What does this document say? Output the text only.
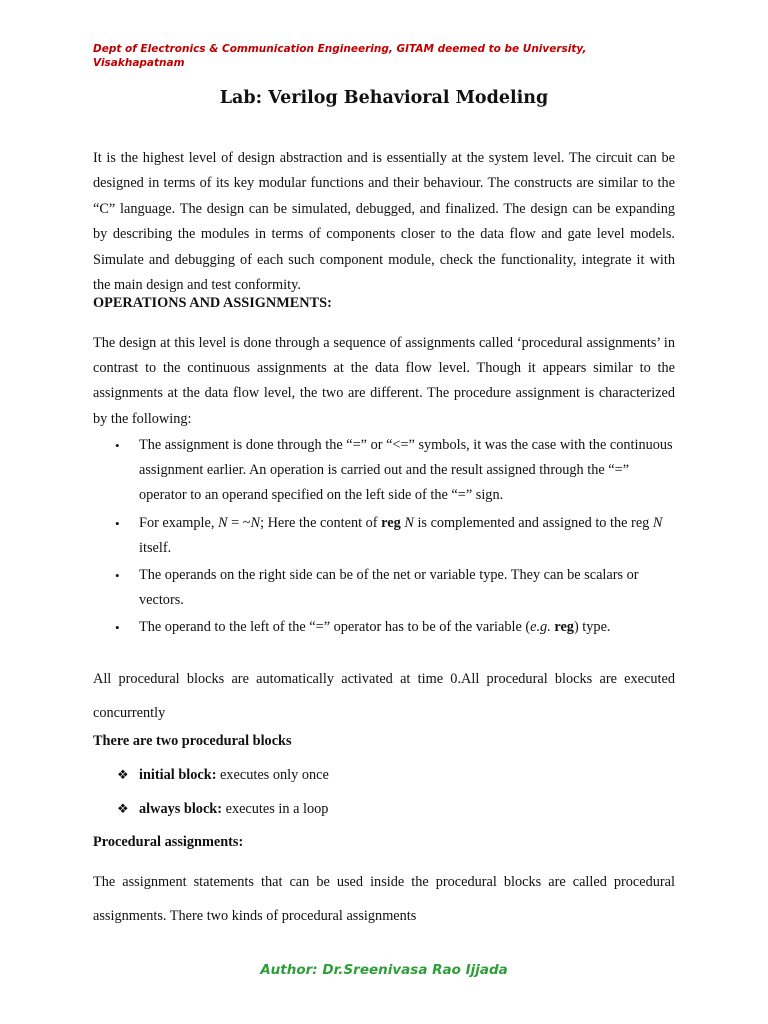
Dept of Electronics & Communication Engineering, GITAM deemed to be University, Visakhapatnam
Lab: Verilog Behavioral Modeling

It is the highest level of design abstraction and is essentially at the system level. The circuit can be designed in terms of its key modular functions and their behaviour. The constructs are similar to the “C” language. The design can be simulated, debugged, and finalized. The design can be expanding by describing the modules in terms of components closer to the data flow and gate level models. Simulate and debugging of each such component module, check the functionality, integrate it with the main design and test conformity.

OPERATIONS AND ASSIGNMENTS:

The design at this level is done through a sequence of assignments called ‘procedural assignments’ in contrast to the continuous assignments at the data flow level. Though it appears similar to the assignments at the data flow level, the two are different. The procedure assignment is characterized by the following:

• The assignment is done through the “=” or “<=” symbols, it was the case with the continuous assignment earlier. An operation is carried out and the result assigned through the “=” operator to an operand specified on the left side of the “=” sign.
• For example, N = ~N; Here the content of reg N is complemented and assigned to the reg N itself.
• The operands on the right side can be of the net or variable type. They can be scalars or vectors.
• The operand to the left of the “=” operator has to be of the variable (e.g. reg) type.

All procedural blocks are automatically activated at time 0.All procedural blocks are executed concurrently

There are two procedural blocks
❖ initial block: executes only once
❖ always block: executes in a loop
Procedural assignments:

The assignment statements that can be used inside the procedural blocks are called procedural assignments. There two kinds of procedural assignments

Author: Dr.Sreenivasa Rao Ijjada
